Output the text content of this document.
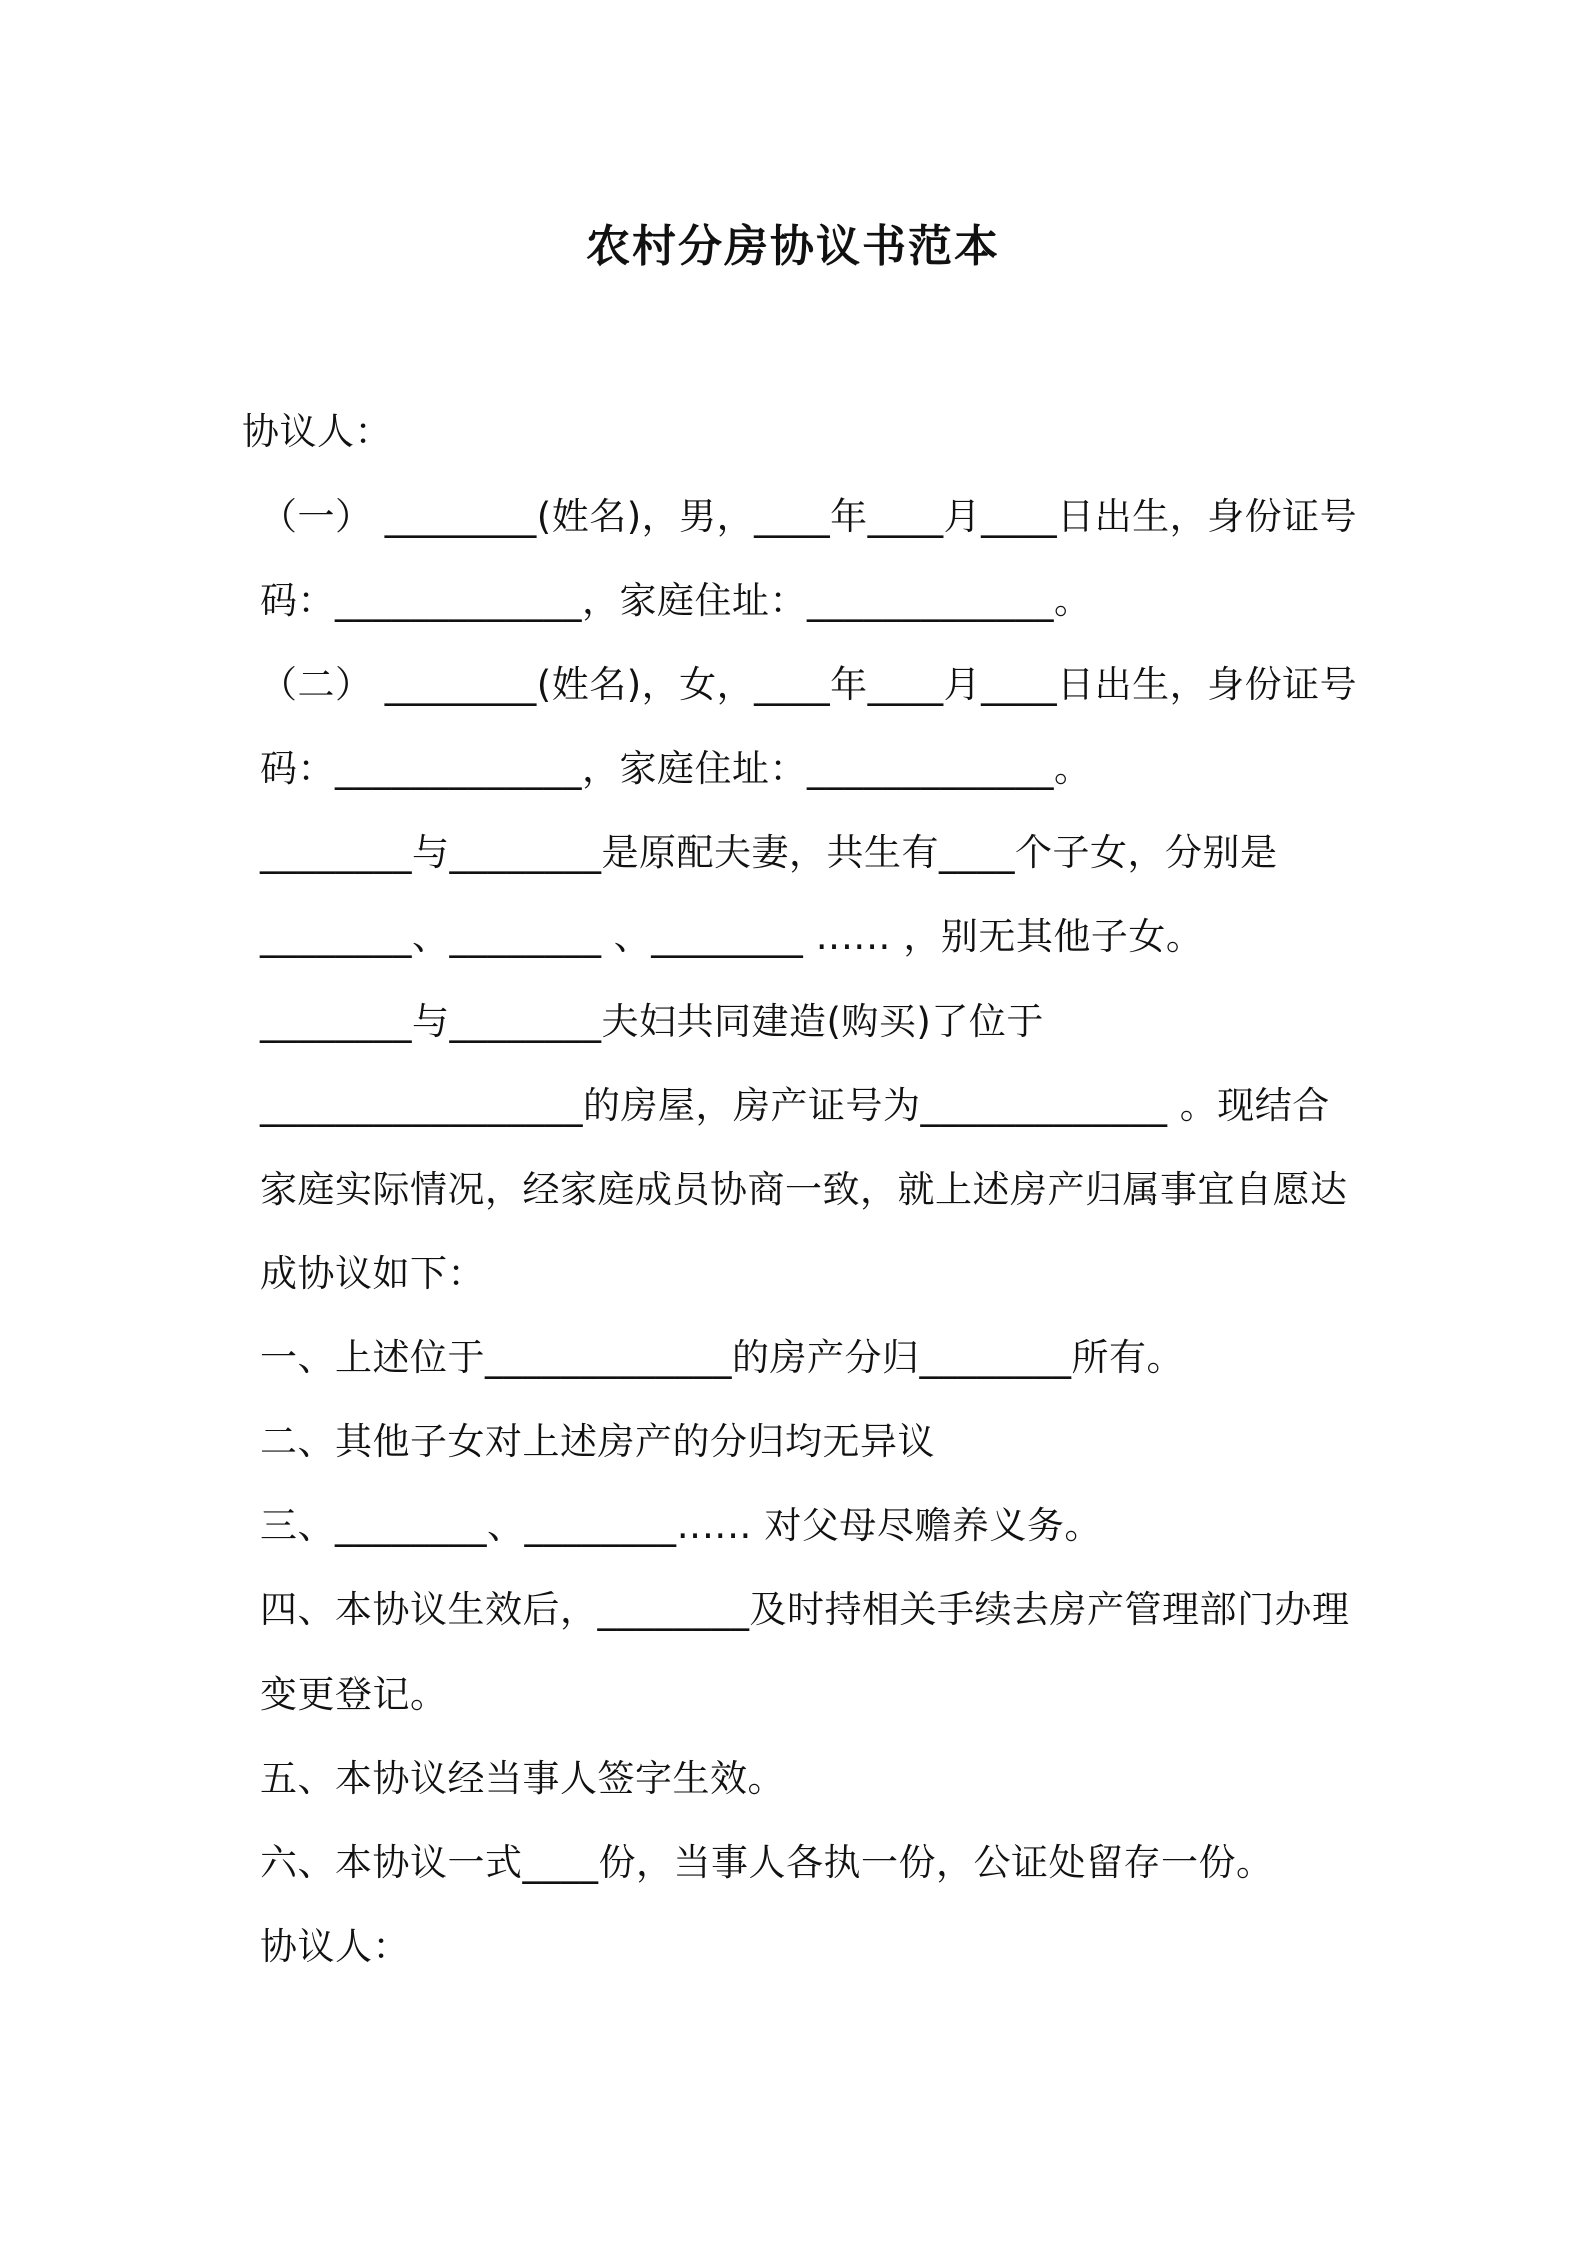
农村分房协议书范本
协议人：
（一） ________(姓名)，男，____年____月____日出生，身份证号
码：_____________，家庭住址：_____________。
（二） ________(姓名)，女，____年____月____日出生，身份证号
码：_____________，家庭住址：_____________。
________与________是原配夫妻，共生有____个子女，分别是
________、________ 、________ ‥‥‥ ，别无其他子女。
________与________夫妇共同建造(购买)了位于
_________________的房屋，房产证号为_____________ 。现结合
家庭实际情况，经家庭成员协商一致，就上述房产归属事宜自愿达
成协议如下：
一、上述位于_____________的房产分归________所有。
二、其他子女对上述房产的分归均无异议
三、________、________‥‥‥ 对父母尽赡养义务。
四、本协议生效后，________及时持相关手续去房产管理部门办理
变更登记。
五、本协议经当事人签字生效。
六、本协议一式____份，当事人各执一份，公证处留存一份。
协议人：
